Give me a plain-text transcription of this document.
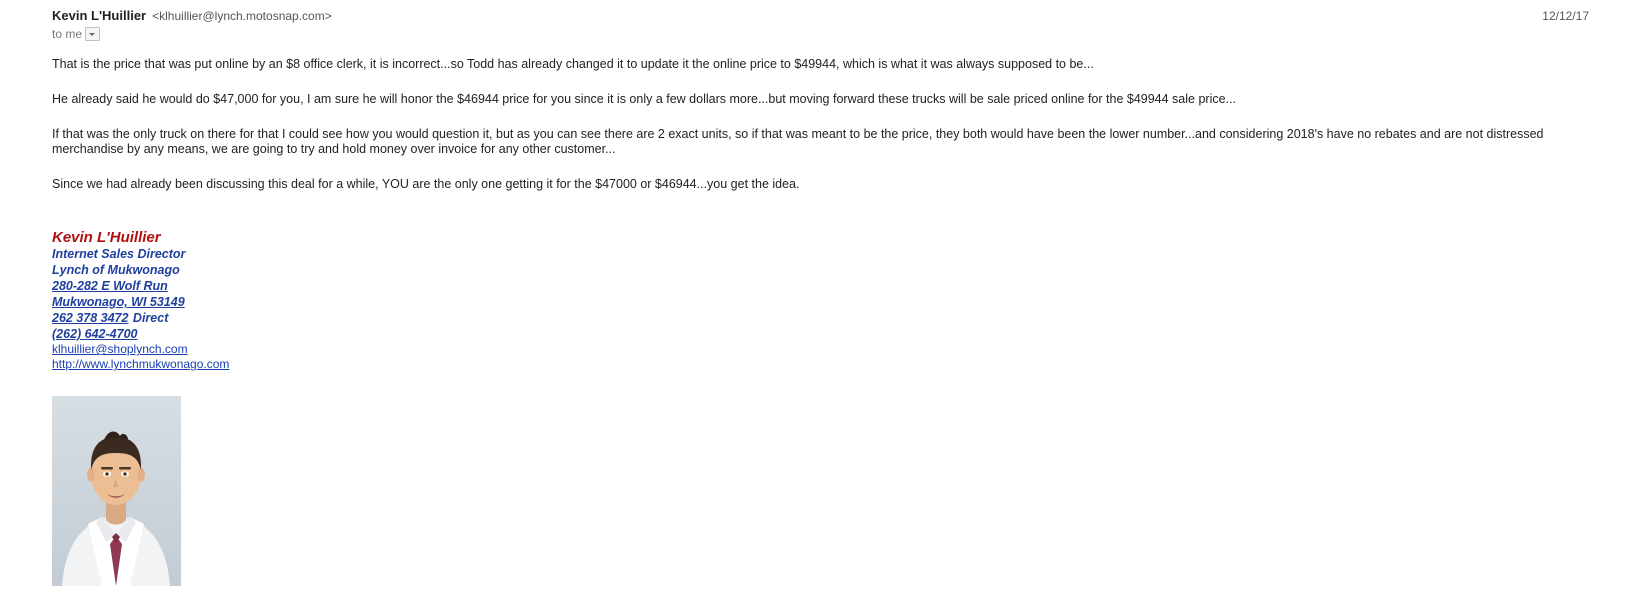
Kevin L'Huillier <klhuillier@lynch.motosnap.com>	12/12/17
to me

That is the price that was put online by an $8 office clerk, it is incorrect...so Todd has already changed it to update it the online price to $49944, which is what it was always supposed to be...

He already said he would do $47,000 for you, I am sure he will honor the $46944 price for you since it is only a few dollars more...but moving forward these trucks will be sale priced online for the $49944 sale price...

If that was the only truck on there for that I could see how you would question it, but as you can see there are 2 exact units, so if that was meant to be the price, they both would have been the lower number...and considering 2018's have no rebates and are not distressed merchandise by any means, we are going to try and hold money over invoice for any other customer...

Since we had already been discussing this deal for a while, YOU are the only one getting it for the $47000 or $46944...you get the idea.

Kevin L'Huillier
Internet Sales Director
Lynch of Mukwonago
280-282 E Wolf Run
Mukwonago, WI 53149
262 378 3472 Direct
(262) 642-4700
klhuillier@shoplynch.com
http://www.lynchmukwonago.com
